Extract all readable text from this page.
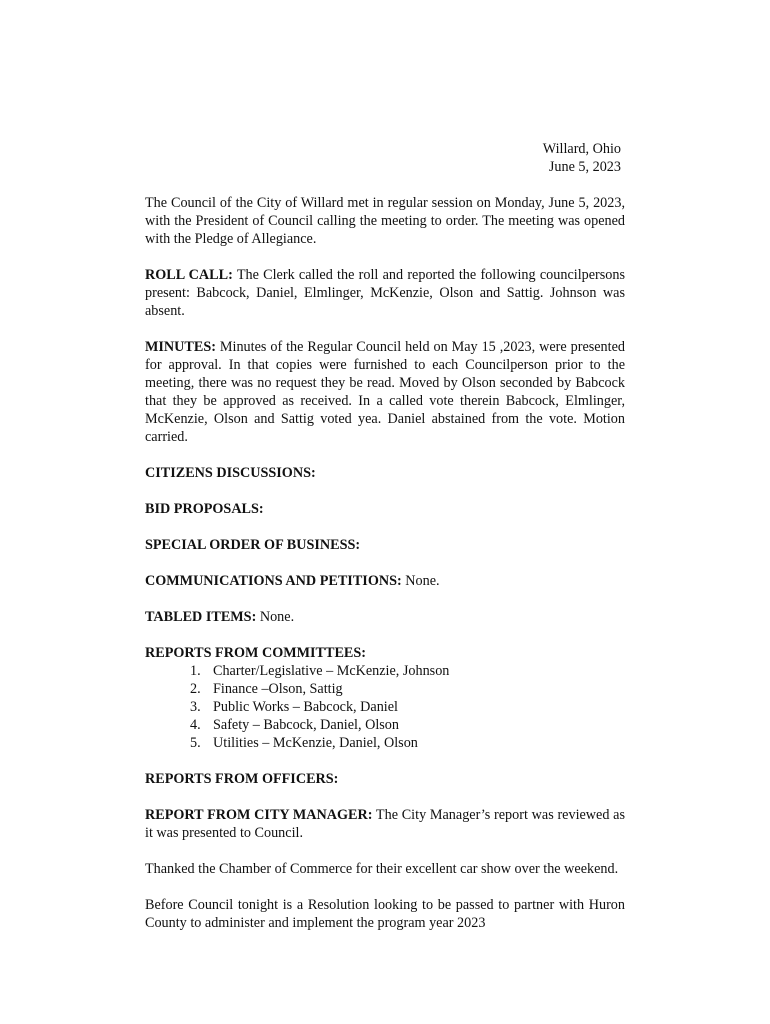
Willard, Ohio
June 5, 2023

The Council of the City of Willard met in regular session on Monday, June 5, 2023, with the President of Council calling the meeting to order. The meeting was opened with the Pledge of Allegiance.

ROLL CALL: The Clerk called the roll and reported the following councilpersons present: Babcock, Daniel, Elmlinger, McKenzie, Olson and Sattig. Johnson was absent.

MINUTES: Minutes of the Regular Council held on May 15 ,2023, were presented for approval. In that copies were furnished to each Councilperson prior to the meeting, there was no request they be read. Moved by Olson seconded by Babcock that they be approved as received. In a called vote therein Babcock, Elmlinger, McKenzie, Olson and Sattig voted yea. Daniel abstained from the vote. Motion carried.

CITIZENS DISCUSSIONS:

BID PROPOSALS:

SPECIAL ORDER OF BUSINESS:

COMMUNICATIONS AND PETITIONS: None.

TABLED ITEMS: None.

REPORTS FROM COMMITTEES:
1. Charter/Legislative – McKenzie, Johnson
2. Finance –Olson, Sattig
3. Public Works – Babcock, Daniel
4. Safety – Babcock, Daniel, Olson
5. Utilities – McKenzie, Daniel, Olson

REPORTS FROM OFFICERS:

REPORT FROM CITY MANAGER: The City Manager’s report was reviewed as it was presented to Council.

Thanked the Chamber of Commerce for their excellent car show over the weekend.

Before Council tonight is a Resolution looking to be passed to partner with Huron County to administer and implement the program year 2023
